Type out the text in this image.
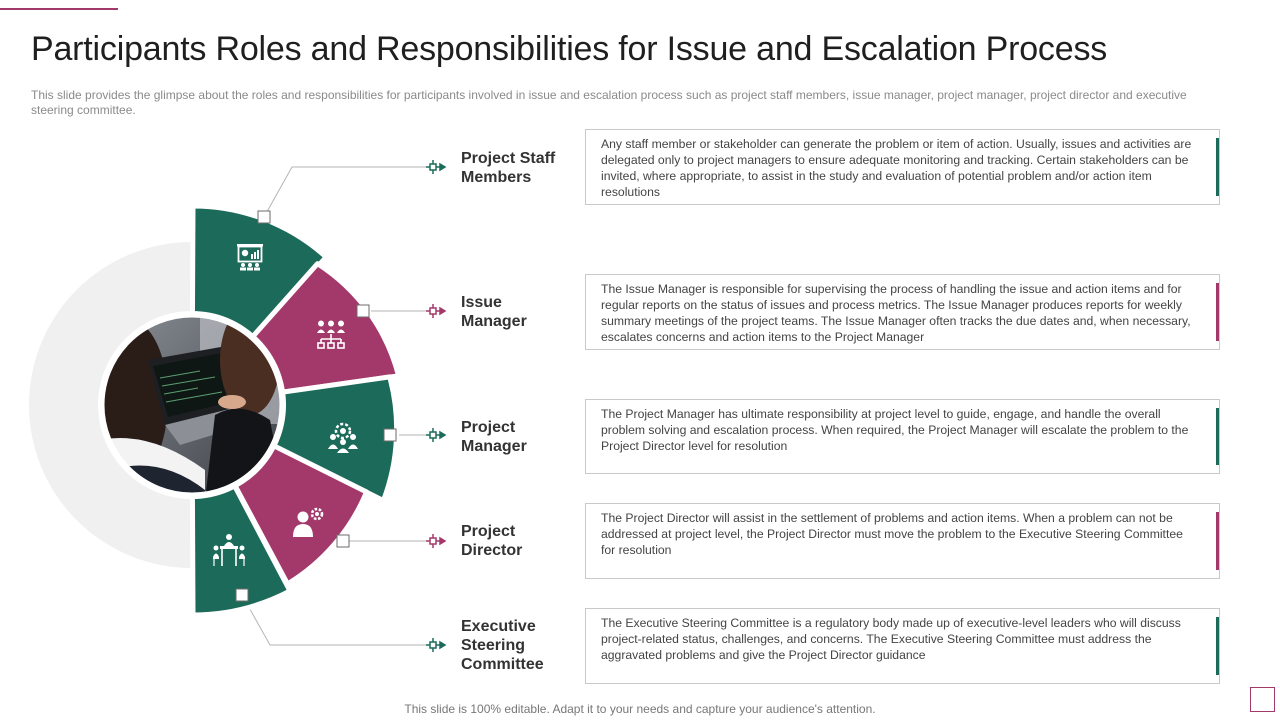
Participants Roles and Responsibilities for Issue and Escalation Process

This slide provides the glimpse about the roles and responsibilities for participants involved in issue and escalation process such as project staff members, issue manager, project manager, project director and executive steering committee.

Project Staff
Members
Issue
Manager
Project
Manager
Project
Director
Executive
Steering
Committee
Any staff member or stakeholder can generate the problem or item of action. Usually, issues and activities are delegated only to project managers to ensure adequate monitoring and tracking. Certain stakeholders can be invited, where appropriate, to assist in the study and evaluation of potential problem and/or action item resolutions
The Issue Manager is responsible for supervising the process of handling the issue and action items and for regular reports on the status of issues and process metrics. The Issue Manager produces reports for weekly summary meetings of the project teams. The Issue Manager often tracks the due dates and, when necessary, escalates concerns and action items to the Project Manager
The Project Manager has ultimate responsibility at project level to guide, engage, and handle the overall problem solving and escalation process. When required, the Project Manager will escalate the problem to the Project Director level for resolution
The Project Director will assist in the settlement of problems and action items. When a problem can not be addressed at project level, the Project Director must move the problem to the Executive Steering Committee for resolution
The Executive Steering Committee is a regulatory body made up of executive-level leaders who will discuss project-related status, challenges, and concerns. The Executive Steering Committee must address the aggravated problems and give the Project Director guidance
This slide is 100% editable. Adapt it to your needs and capture your audience's attention.
